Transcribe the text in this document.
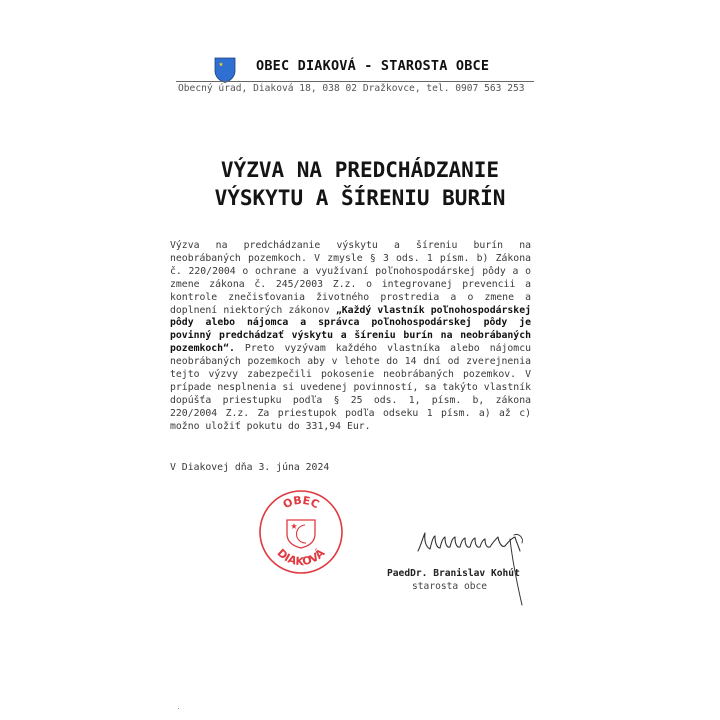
OBEC DIAKOVÁ - STAROSTA OBCE
Obecný úrad, Diaková 18, 038 02 Dražkovce, tel. 0907 563 253
VÝZVA NA PREDCHÁDZANIE
VÝSKYTU A ŠÍRENIU BURÍN
Výzva na predchádzanie výskytu a šíreniu burín na neobrábaných pozemkoch. V zmysle § 3 ods. 1 písm. b) Zákona č. 220/2004 o ochrane a využívaní poľnohospodárskej pôdy a o zmene zákona č. 245/2003 Z.z. o integrovanej prevencii a kontrole znečisťovania životného prostredia a o zmene a doplnení niektorých zákonov „Každý vlastník poľnohospodárskej pôdy alebo nájomca a správca poľnohospodárskej pôdy je povinný predchádzať výskytu a šíreniu burín na neobrábaných pozemkoch“. Preto vyzývam každého vlastníka alebo nájomcu neobrábaných pozemkoch aby v lehote do 14 dní od zverejnenia tejto výzvy zabezpečili pokosenie neobrábaných pozemkov. V prípade nesplnenia si uvedenej povinností, sa takýto vlastník dopúšťa priestupku podľa § 25 ods. 1, písm. b, zákona 220/2004 Z.z. Za priestupok podľa odseku 1 písm. a) až c) možno uložiť pokutu do 331,94 Eur.
V Diakovej dňa 3. júna 2024
OBEC
DIAKOVÁ
PaedDr. Branislav Kohút
starosta obce
